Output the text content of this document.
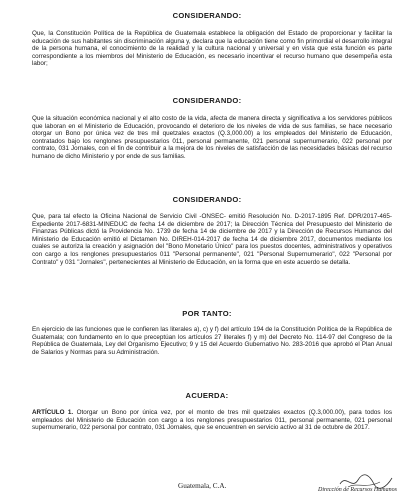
CONSIDERANDO:

Que, la Constitución Política de la República de Guatemala establece la obligación del Estado de proporcionar y facilitar la educación de sus habitantes sin discriminación alguna y, declara que la educación tiene como fin primordial el desarrollo integral de la persona humana, el conocimiento de la realidad y la cultura nacional y universal y en vista que esta función es parte correspondiente a los miembros del Ministerio de Educación, es necesario incentivar el recurso humano que desempeña esta labor;

CONSIDERANDO:

Que la situación económica nacional y el alto costo de la vida, afecta de manera directa y significativa a los servidores públicos que laboran en el Ministerio de Educación, provocando el deterioro de los niveles de vida de sus familias, se hace necesario otorgar un Bono por única vez de tres mil quetzales exactos (Q.3,000.00) a los empleados del Ministerio de Educación, contratados bajo los renglones presupuestarios 011, personal permanente, 021 personal supernumerario, 022 personal por contrato, 031 Jornales, con el fin de contribuir a la mejora de los niveles de satisfacción de las necesidades básicas del recurso humano de dicho Ministerio y por ende de sus familias.

CONSIDERANDO:

Que, para tal efecto la Oficina Nacional de Servicio Civil -ONSEC- emitió Resolución No. D-2017-1895 Ref. DPR/2017-465-Expediente 2017-6831-MINEDUC de fecha 14 de diciembre de 2017; la Dirección Técnica del Presupuesto del Ministerio de Finanzas Públicas dictó la Providencia No. 1739 de fecha 14 de diciembre de 2017 y la Dirección de Recursos Humanos del Ministerio de Educación emitió el Dictamen No. DIREH-014-2017 de fecha 14 de diciembre 2017, documentos mediante los cuales se autoriza la creación y asignación del "Bono Monetario Único" para los puestos docentes, administrativos y operativos con cargo a los renglones presupuestarios 011 "Personal permanente", 021 "Personal Supernumerario", 022 "Personal por Contrato" y 031 "Jornales", pertenecientes al Ministerio de Educación, en la forma que en este acuerdo se detalla.

POR TANTO:

En ejercicio de las funciones que le confieren las literales a), c) y f) del artículo 194 de la Constitución Política de la República de Guatemala; con fundamento en lo que preceptúan los artículos 27 literales f) y m) del Decreto No. 114-97 del Congreso de la República de Guatemala, Ley del Organismo Ejecutivo; 9 y 15 del Acuerdo Gubernativo No. 283-2016 que aprobó el Plan Anual de Salarios y Normas para su Administración.

ACUERDA:

ARTÍCULO 1. Otorgar un Bono por única vez, por el monto de tres mil quetzales exactos (Q.3,000.00), para todos los empleados del Ministerio de Educación con cargo a los renglones presupuestarios 011, personal permanente, 021 personal supernumerario, 022 personal por contrato, 031 Jornales, que se encuentren en servicio activo al 31 de octubre de 2017.

Guatemala, C.A.	Dirección de Recursos Humanos
